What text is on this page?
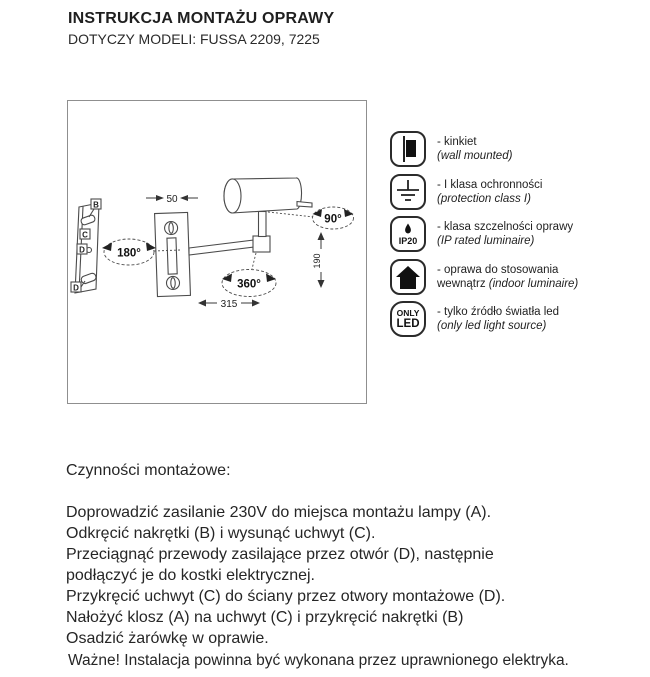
INSTRUKCJA MONTAŻU OPRAWY
DOTYCZY MODELI: FUSSA 2209, 7225
B
C
D
D
50
315
190
180°
360°
90°
- kinkiet
(wall mounted)
- I klasa ochronności
(protection class I)
IP20
- klasa szczelności oprawy
(IP rated luminaire)
- oprawa do stosowania
wewnątrz (indoor luminaire)
ONLY
LED
- tylko źródło światła led
(only led light source)
Czynności montażowe:
Doprowadzić zasilanie 230V do miejsca montażu lampy (A).
Odkręcić nakrętki (B) i wysunąć uchwyt (C).
Przeciągnąć przewody zasilające przez otwór (D), następnie
podłączyć je do kostki elektrycznej.
Przykręcić uchwyt (C) do ściany przez otwory montażowe (D).
Nałożyć klosz (A) na uchwyt (C) i przykręcić nakrętki (B)
Osadzić żarówkę w oprawie.
Ważne! Instalacja powinna być wykonana przez uprawnionego elektryka.
